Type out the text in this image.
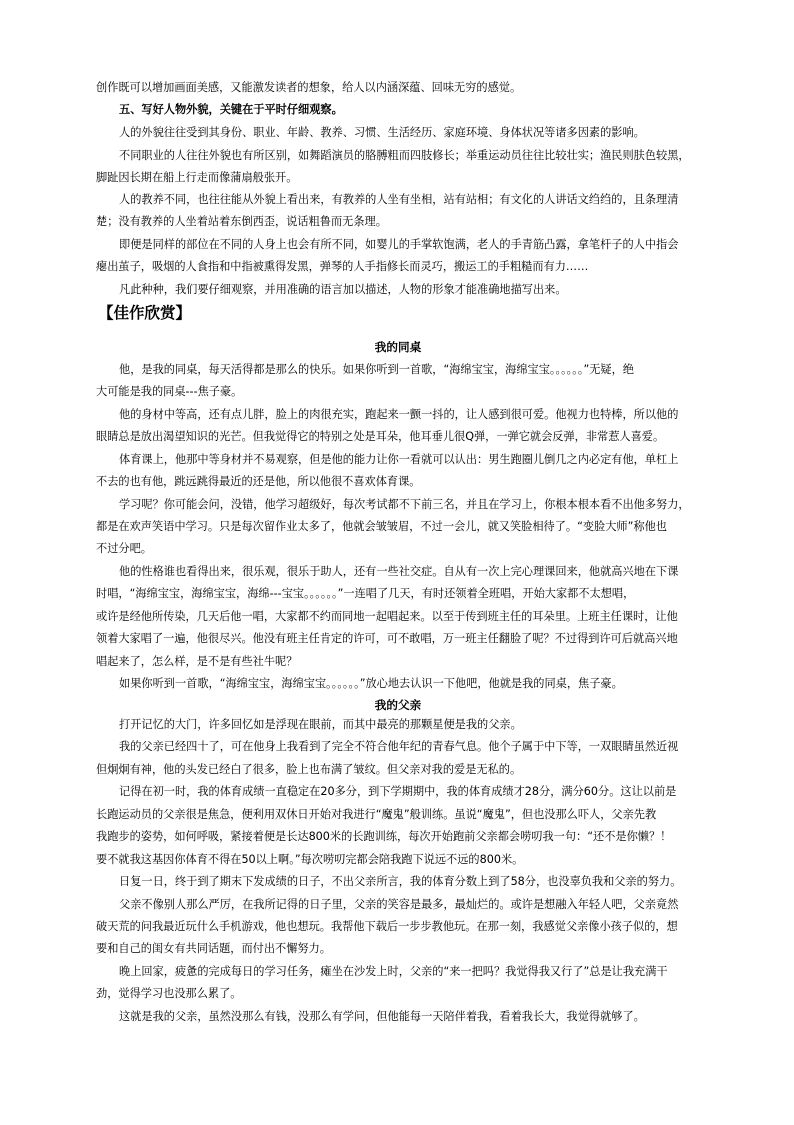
创作既可以增加画面美感，又能激发读者的想象，给人以内涵深蕴、回味无穷的感觉。
五、写好人物外貌，关键在于平时仔细观察。
人的外貌往往受到其身份、职业、年龄、教养、习惯、生活经历、家庭环境、身体状况等诸多因素的影响。
不同职业的人往往外貌也有所区别，如舞蹈演员的胳膊粗而四肢修长；举重运动员往往比较壮实；渔民则肤色较黑，
脚趾因长期在船上行走而像蒲扇般张开。
人的教养不同，也往往能从外貌上看出来，有教养的人坐有坐相，站有站相；有文化的人讲话文绉绉的，且条理清
楚；没有教养的人坐着站着东倒西歪，说话粗鲁而无条理。
即便是同样的部位在不同的人身上也会有所不同，如婴儿的手掌软饱满，老人的手青筋凸露，拿笔杆子的人中指会
瘪出茧子，吸烟的人食指和中指被熏得发黑，弹琴的人手指修长而灵巧，搬运工的手粗糙而有力……
凡此种种，我们要仔细观察，并用准确的语言加以描述，人物的形象才能准确地描写出来。
【佳作欣赏】
我的同桌
他，是我的同桌，每天活得都是那么的快乐。如果你听到一首歌，“海绵宝宝，海绵宝宝。。。。。。”无疑，绝
大可能是我的同桌---焦子豪。
他的身材中等高，还有点儿胖，脸上的肉很充实，跑起来一颤一抖的，让人感到很可爱。他视力也特棒，所以他的
眼睛总是放出渴望知识的光芒。但我觉得它的特别之处是耳朵，他耳垂儿很Q弹，一弹它就会反弹，非常惹人喜爱。
体育课上，他那中等身材并不易观察，但是他的能力让你一看就可以认出：男生跑圈儿倒几之内必定有他，单杠上
不去的也有他，跳远跳得最近的还是他，所以他很不喜欢体育课。
学习呢？你可能会问，没错，他学习超级好，每次考试都不下前三名，并且在学习上，你根本根本看不出他多努力，
都是在欢声笑语中学习。只是每次留作业太多了，他就会皱皱眉，不过一会儿，就又笑脸相待了。“变脸大师”称他也
不过分吧。
他的性格谁也看得出来，很乐观，很乐于助人，还有一些社交症。自从有一次上完心理课回来，他就高兴地在下课
时唱，“海绵宝宝，海绵宝宝，海绵---宝宝。。。。。。”一连唱了几天，有时还领着全班唱，开始大家都不太想唱，
或许是经他所传染，几天后他一唱，大家都不约而同地一起唱起来。以至于传到班主任的耳朵里。上班主任课时，让他
领着大家唱了一遍，他很尽兴。他没有班主任肯定的许可，可不敢唱，万一班主任翻脸了呢？不过得到许可后就高兴地
唱起来了，怎么样，是不是有些社牛呢？
如果你听到一首歌，“海绵宝宝，海绵宝宝。。。。。。”放心地去认识一下他吧，他就是我的同桌，焦子豪。
我的父亲
打开记忆的大门，许多回忆如是浮现在眼前，而其中最亮的那颗星便是我的父亲。
我的父亲已经四十了，可在他身上我看到了完全不符合他年纪的青春气息。他个子属于中下等，一双眼睛虽然近视
但炯炯有神，他的头发已经白了很多，脸上也布满了皱纹。但父亲对我的爱是无私的。
记得在初一时，我的体育成绩一直稳定在20多分，到下学期期中，我的体育成绩才28分，满分60分。这让以前是
长跑运动员的父亲很是焦急，便利用双休日开始对我进行“魔鬼”般训练。虽说“魔鬼”，但也没那么吓人，父亲先教
我跑步的姿势，如何呼吸，紧接着便是长达800米的长跑训练，每次开始跑前父亲都会唠叨我一句：“还不是你懒？！
要不就我这基因你体育不得在50以上啊。”每次唠叨完都会陪我跑下说远不远的800米。
日复一日，终于到了期末下发成绩的日子，不出父亲所言，我的体育分数上到了58分，也没辜负我和父亲的努力。
父亲不像别人那么严厉，在我所记得的日子里，父亲的笑容是最多，最灿烂的。或许是想融入年轻人吧，父亲竟然
破天荒的问我最近玩什么手机游戏，他也想玩。我帮他下载后一步步教他玩。在那一刻，我感觉父亲像小孩子似的，想
要和自己的闺女有共同话题，而付出不懈努力。
晚上回家，疲惫的完成每日的学习任务，瘫坐在沙发上时，父亲的“来一把吗？我觉得我又行了”总是让我充满干
劲，觉得学习也没那么累了。
这就是我的父亲，虽然没那么有钱，没那么有学问，但他能每一天陪伴着我，看着我长大，我觉得就够了。
